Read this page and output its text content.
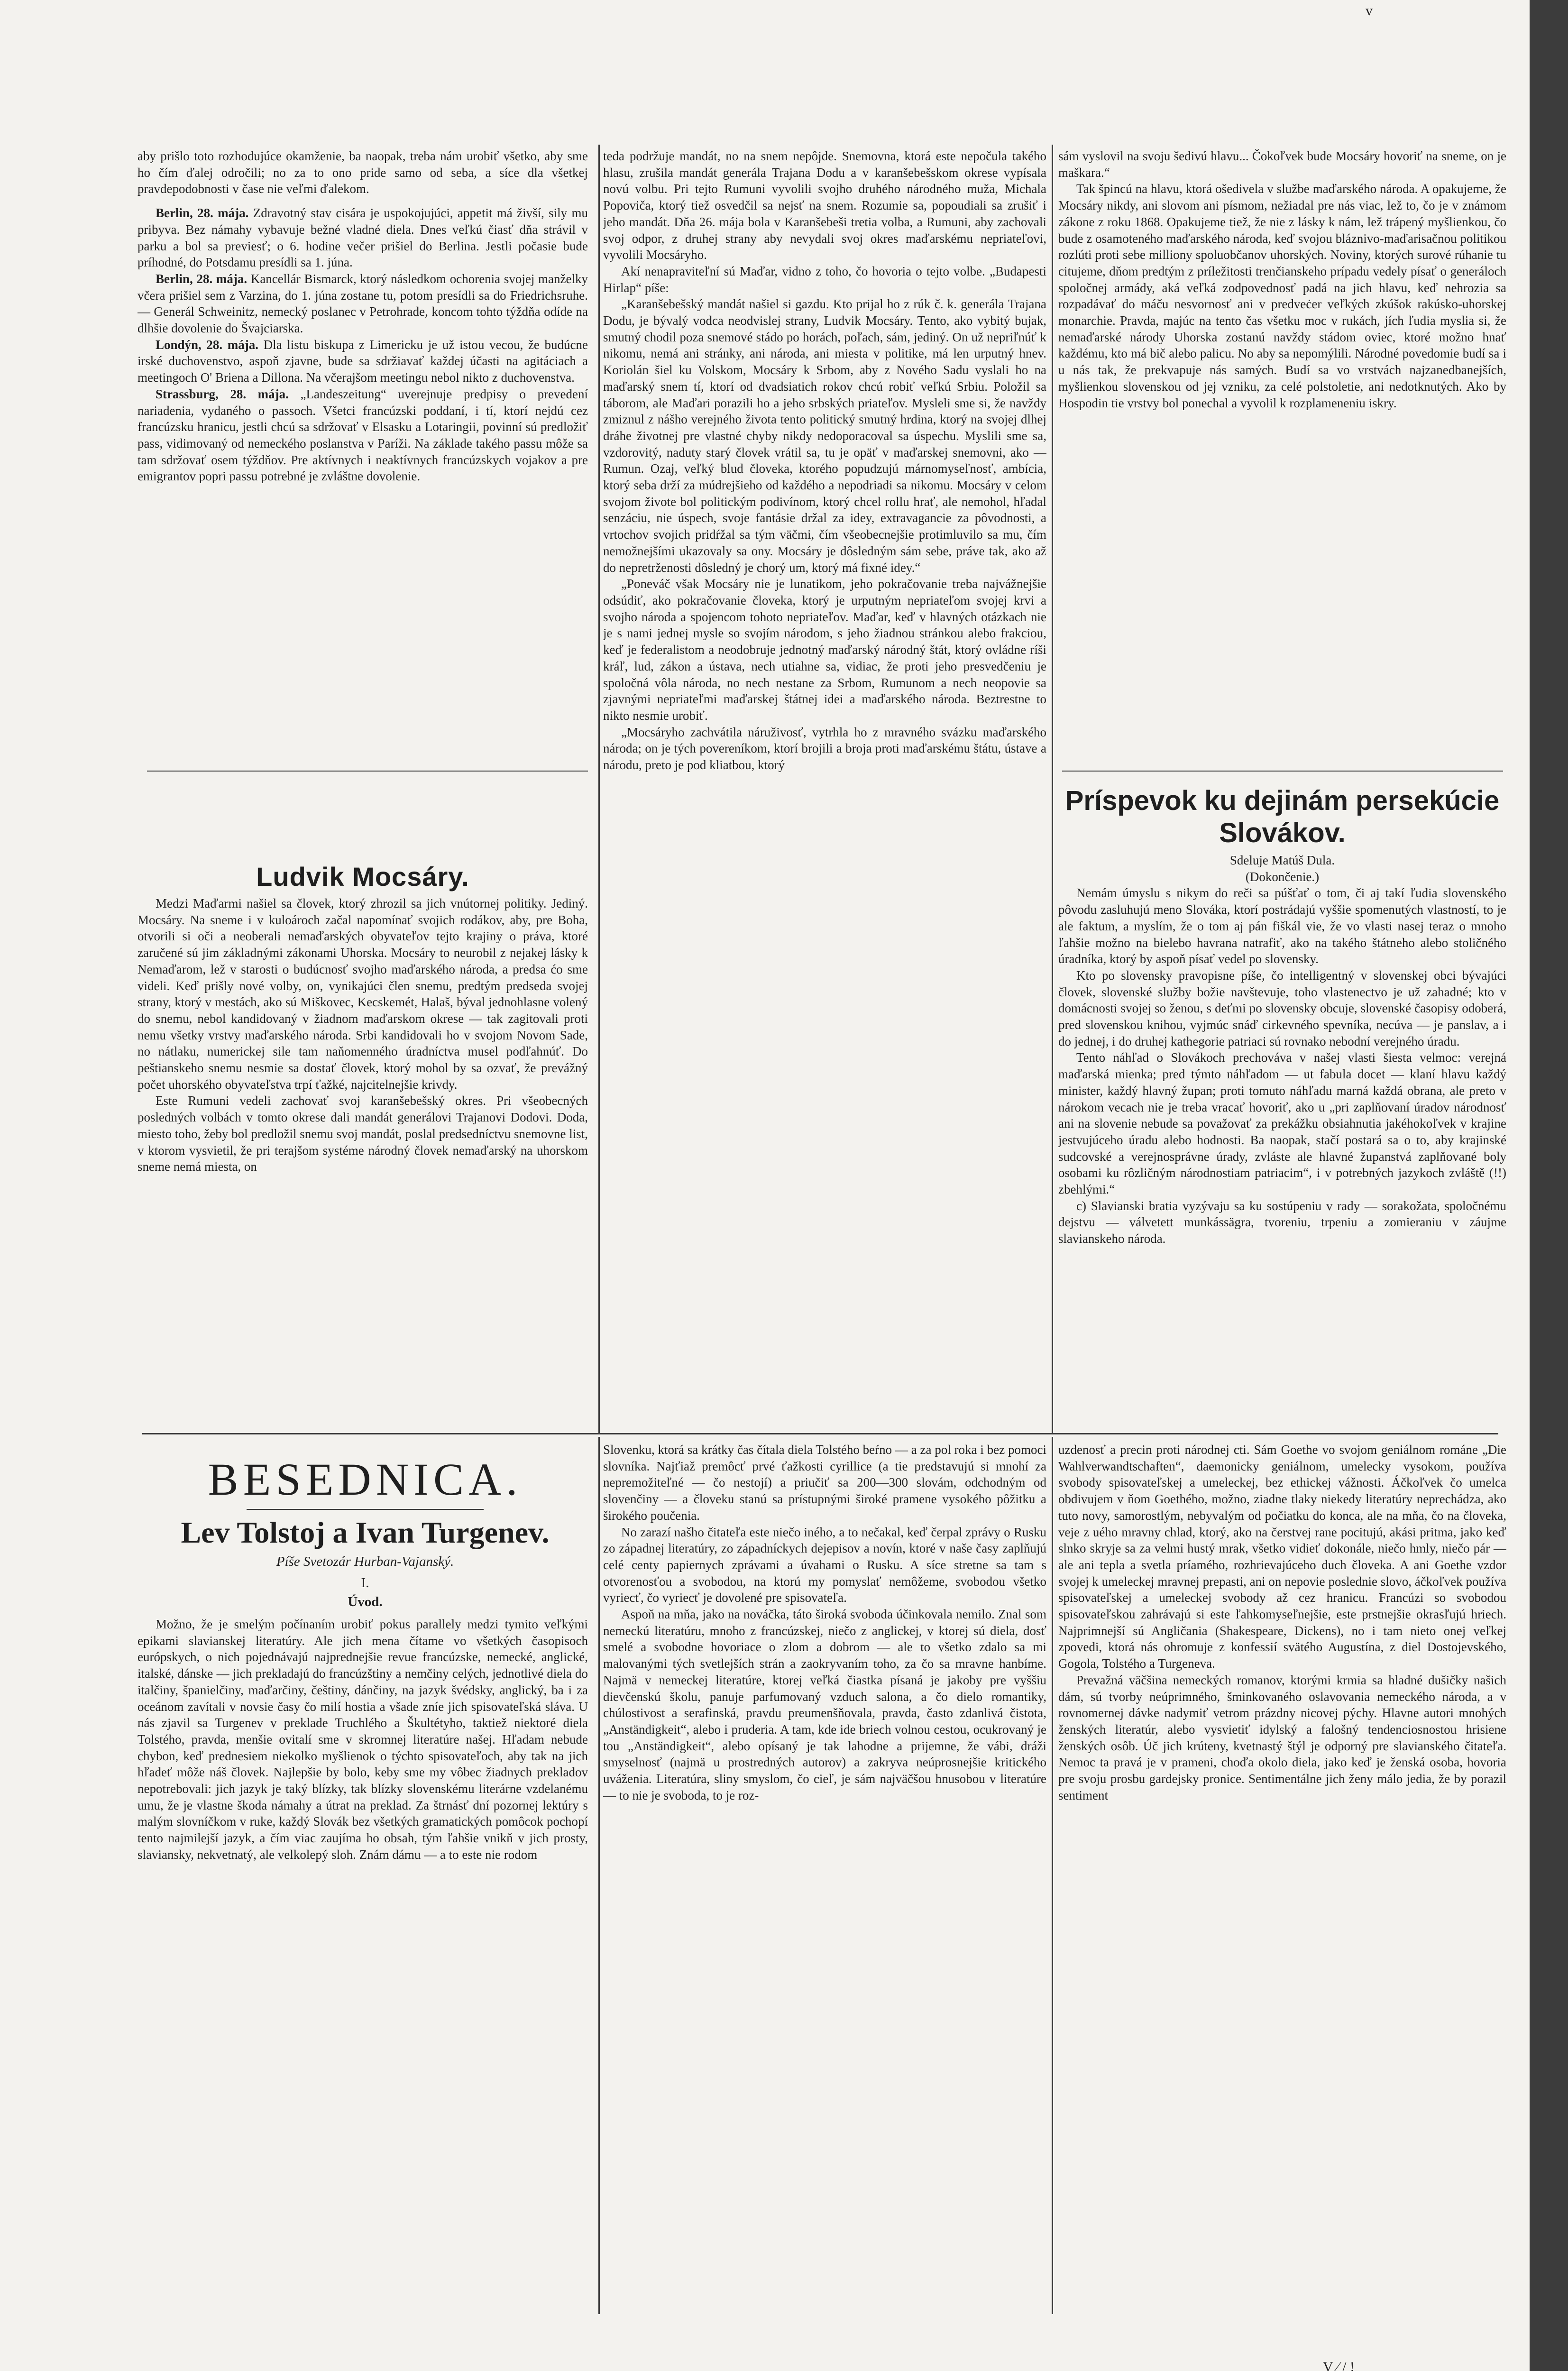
aby prišlo toto rozhodujúce okamženie, ba naopak, treba nám urobiť všetko, aby sme ho čím ďalej odročili; no za to ono pride samo od seba, a síce dla všetkej pravdepodobnosti v čase nie veľmi ďalekom.

Berlin, 28. mája. Zdravotný stav cisára je uspokojujúci, appetit má živší, sily mu pribyva. Bez námahy vybavuje bežné vladné diela. Dnes veľkú čiasť dňa strávil v parku a bol sa previesť; o 6. hodine večer prišiel do Berlina. Jestli počasie bude príhodné, do Potsdamu presídli sa 1. júna.

Berlin, 28. mája. Kancellár Bismarck, ktorý následkom ochorenia svojej manželky včera prišiel sem z Varzina, do 1. júna zostane tu, potom presídli sa do Friedrichsruhe. — Generál Schweinitz, nemecký poslanec v Petrohrade, koncom tohto týždňa odíde na dlhšie dovolenie do Švajciarska.

Londýn, 28. mája. Dla listu biskupa z Limericku je už istou vecou, že budúcne irské duchovenstvo, aspoň zjavne, bude sa sdržiavať každej účasti na agitáciach a meetingoch O' Briena a Dillona. Na včerajšom meetingu nebol nikto z duchovenstva.

Strassburg, 28. mája. „Landeszeitung“ uverejnuje predpisy o prevedení nariadenia, vydaného o passoch. Všetci francúzski poddaní, i tí, ktorí nejdú cez francúzsku hranicu, jestli chcú sa sdržovať v Elsasku a Lotaringii, povinní sú predložiť pass, vidimovaný od nemeckého poslanstva v Paríži. Na základe takého passu môže sa tam sdržovať osem týždňov. Pre aktívnych i neaktívnych francúzskych vojakov a pre emigrantov popri passu potrebné je zvláštne dovolenie.

Ludvik Mocsáry.

Medzi Maďarmi našiel sa človek, ktorý zhrozil sa jich vnútornej politiky. Jediný. Mocsáry. Na sneme i v kuloároch začal napomínať svojich rodákov, aby, pre Boha, otvorili si oči a neoberali nemaďarských obyvateľov tejto krajiny o práva, ktoré zaručené sú jim základnými zákonami Uhorska. Mocsáry to neurobil z nejakej lásky k Nemaďarom, lež v starosti o budúcnosť svojho maďarského národa, a predsa ćo sme videli. Keď prišly nové volby, on, vynikajúci člen snemu, predtým predseda svojej strany, ktorý v mestách, ako sú Miškovec, Kecskemét, Halaš, býval jednohlasne volený do snemu, nebol kandidovaný v žiadnom maďarskom okrese — tak zagitovali proti nemu všetky vrstvy maďarského národa. Srbi kandidovali ho v svojom Novom Sade, no nátlaku, numerickej sile tam naňomenného úradníctva musel podľahnúť. Do peštianskeho snemu nesmie sa dostať človek, ktorý mohol by sa ozvať, že prevážný počet uhorského obyvateľstva trpí ťažké, najcitelnejšie krivdy.

Este Rumuni vedeli zachovať svoj karanšebešský okres. Pri všeobecných posledných volbách v tomto okrese dali mandát generálovi Trajanovi Dodovi. Doda, miesto toho, žeby bol predložil snemu svoj mandát, poslal predsedníctvu snemovne list, v ktorom vysvietil, že pri terajšom systéme národný človek nemaďarský na uhorskom sneme nemá miesta, on

teda podržuje mandát, no na snem nepôjde. Snemovna, ktorá este nepočula takého hlasu, zrušila mandát generála Trajana Dodu a v karanšebešskom okrese vypísala novú volbu. Pri tejto Rumuni vyvolili svojho druhého národného muža, Michala Popoviča, ktorý tiež osvedčil sa nejsť na snem. Rozumie sa, popoudiali sa zrušiť i jeho mandát. Dňa 26. mája bola v Karanšebeši tretia volba, a Rumuni, aby zachovali svoj odpor, z druhej strany aby nevydali svoj okres maďarskému nepriateľovi, vyvolili Mocsáryho.

Akí nenapraviteľní sú Maďar, vidno z toho, čo hovoria o tejto volbe. „Budapesti Hirlap“ píše:

„Karanšebešský mandát našiel si gazdu. Kto prijal ho z rúk č. k. generála Trajana Dodu, je bývalý vodca neodvislej strany, Ludvik Mocsáry. Tento, ako vybitý bujak, smutný chodil poza snemové stádo po horách, poľach, sám, jediný. On už nepriľnúť k nikomu, nemá ani stránky, ani národa, ani miesta v politike, má len urputný hnev. Koriolán šiel ku Volskom, Mocsáry k Srbom, aby z Nového Sadu vyslali ho na maďarský snem tí, ktorí od dvadsiatich rokov chcú robiť veľkú Srbiu. Položil sa táborom, ale Maďari porazili ho a jeho srbských priateľov. Mysleli sme si, že navždy zmiznul z nášho verejného života tento politický smutný hrdina, ktorý na svojej dlhej dráhe životnej pre vlastné chyby nikdy nedoporacoval sa úspechu. Myslili sme sa, vzdorovitý, naduty starý človek vrátil sa, tu je opäť v maďarskej snemovni, ako — Rumun. Ozaj, veľký blud človeka, ktorého popudzujú márnomyseľnosť, ambícia, ktorý seba drží za múdrejšieho od každého a nepodriadi sa nikomu. Mocsáry v celom svojom živote bol politickým podivínom, ktorý chcel rollu hrať, ale nemohol, hľadal senzáciu, nie úspech, svoje fantásie držal za idey, extravagancie za pôvodnosti, a vrtochov svojich pridŕžal sa tým väčmi, čím všeobecnejšie protimluvilo sa mu, čím nemožnejšími ukazovaly sa ony. Mocsáry je dôsledným sám sebe, práve tak, ako až do nepretrženosti dôsledný je chorý um, ktorý má fixné idey.“

„Poneváč však Mocsáry nie je lunatikom, jeho pokračovanie treba najvážnejšie odsúdiť, ako pokračovanie človeka, ktorý je urputným nepriateľom svojej krvi a svojho národa a spojencom tohoto nepriateľov. Maďar, keď v hlavných otázkach nie je s nami jednej mysle so svojím národom, s jeho žiadnou stránkou alebo frakciou, keď je federalistom a neodobruje jednotný maďarský národný štát, ktorý ovládne ríši kráľ, lud, zákon a ústava, nech utiahne sa, vidiac, že proti jeho presvedčeniu je spoločná vôla národa, no nech nestane za Srbom, Rumunom a nech neopovie sa zjavnými nepriateľmi maďarskej štátnej idei a maďarského národa. Beztrestne to nikto nesmie urobiť.

„Mocsáryho zachvátila náruživosť, vytrhla ho z mravného svázku maďarského národa; on je tých povereníkom, ktorí brojili a broja proti maďarskému štátu, ústave a národu, preto je pod kliatbou, ktorý

sám vyslovil na svoju šedivú hlavu... Čokoľvek bude Mocsáry hovoriť na sneme, on je maškara.“

Tak špincú na hlavu, ktorá ošedivela v službe maďarského národa. A opakujeme, že Mocsáry nikdy, ani slovom ani písmom, nežiadal pre nás viac, lež to, čo je v známom zákone z roku 1868. Opakujeme tiež, že nie z lásky k nám, lež trápený myšlienkou, čo bude z osamoteného maďarského národa, keď svojou bláznivo-maďarisačnou politikou rozlúti proti sebe milliony spoluobčanov uhorských. Noviny, ktorých surové rúhanie tu citujeme, dňom predtým z príležitosti trenčianskeho prípadu vedely písať o generáloch spoločnej armády, aká veľká zodpovednosť padá na jich hlavu, keď nehrozia sa rozpadávať do máču nesvornosť ani v predveċer veľkých zkúšok rakúsko-uhorskej monarchie. Pravda, majúc na tento čas všetku moc v rukách, jích ľudia myslia si, že nemaďarské národy Uhorska zostanú navždy stádom oviec, ktoré možno hnať každému, kto má bič alebo palicu. No aby sa nepomýlili. Národné povedomie budí sa i u nás tak, že prekvapuje nás samých. Budí sa vo vrstvách najzanedbanejších, myšlienkou slovenskou od jej vzniku, za celé polstoletie, ani nedotknutých. Ako by Hospodin tie vrstvy bol ponechal a vyvolil k rozplameneniu iskry.

Príspevok ku dejinám persekúcie Slovákov.

Sdeluje Matúš Dula.

(Dokončenie.)

Nemám úmyslu s nikym do reči sa púšťať o tom, či aj takí ľudia slovenského pôvodu zasluhujú meno Slováka, ktorí postrádajú vyššie spomenutých vlastností, to je ale faktum, a myslím, že o tom aj pán fiškál vie, že vo vlasti nasej teraz o mnoho ľahšie možno na bielebo havrana natrafiť, ako na takého štátneho alebo stoličného úradníka, ktorý by aspoň písať vedel po slovensky.

Kto po slovensky pravopisne píše, čo intelligentný v slovenskej obci bývajúci človek, slovenské služby božie navštevuje, toho vlastenectvo je už zahadné; kto v domácnosti svojej so ženou, s deťmi po slovensky obcuje, slovenské časopisy odoberá, pred slovenskou knihou, vyjmúc snáď cirkevného spevníka, necúva — je panslav, a i do jednej, i do druhej kathegorie patriaci sú rovnako nebodní verejného úradu.

Tento náhľad o Slovákoch prechováva v našej vlasti šiesta velmoc: verejná maďarská mienka; pred týmto náhľadom — ut fabula docet — klaní hlavu každý minister, každý hlavný župan; proti tomuto náhľadu marná každá obrana, ale preto v nárokom vecach nie je treba vracať hovoriť, ako u „pri zaplňovaní úradov národnosť ani na slovenie nebude sa považovať za prekážku obsiahnutia jakéhokoľvek v krajine jestvujúceho úradu alebo hodnosti. Ba naopak, stačí postará sa o to, aby krajinské sudcovské a verejnosprávne úrady, zvláste ale hlavné županstvá zaplňované boly osobami ku rôzličným národnostiam patriacim“, i v potrebných jazykoch zvláště (!!) zbehlými.“

c) Slavianski bratia vyzývaju sa ku sostúpeniu v rady — sorakožata, spoločnému dejstvu — válvetett munkássägra, tvoreniu, trpeniu a zomieraniu v záujme slavianskeho národa.

BESEDNICA.
Lev Tolstoj a Ivan Turgenev.
Píše Svetozár Hurban-Vajanský.
I.
Úvod.

Možno, že je smelým počínaním urobiť pokus parallely medzi tymito veľkými epikami slavianskej literatúry. Ale jich mena čítame vo všetkých časopisoch európskych, o nich pojednávajú najprednejšie revue francúzske, nemecké, anglické, italské, dánske — jich prekladajú do francúzštiny a nemčiny celých, jednotlivé diela do italčiny, španielčiny, maďarčiny, češtiny, dánčiny, na jazyk švédsky, anglický, ba i za oceánom zavítali v novsie časy čo milí hostia a všade zníe jich spisovateľská sláva. U nás zjavil sa Turgenev v preklade Truchlého a Škultétyho, taktiež niektoré diela Tolstého, pravda, menšie ovitalí sme v skromnej literatúre našej. Hľadam nebude chybon, keď prednesiem niekolko myšlienok o týchto spisovateľoch, aby tak na jich hľadeť môže náš človek. Najlepšie by bolo, keby sme my vôbec žiadnych prekladov nepotrebovali: jich jazyk je taký blízky, tak blízky slovenskému literárne vzdelanému umu, že je vlastne škoda námahy a útrat na preklad. Za štrnásť dní pozornej lektúry s malým slovníčkom v ruke, každý Slovák bez všetkých gramatických pomôcok pochopí tento najmilejší jazyk, a čím viac zaujíma ho obsah, tým ľahšie vnikň v jich prosty, slaviansky, nekvetnatý, ale velkolepý sloh. Znám dámu — a to este nie rodom

Slovenku, ktorá sa krátky čas čítala diela Tolstého beŕno — a za pol roka i bez pomoci slovníka. Najťiaž premôcť prvé ťažkosti cyrillice (a tie predstavujú si mnohí za nepremožiteľné — čo nestojí) a priučiť sa 200—300 slovám, odchodným od slovenčiny — a človeku stanú sa prístupnými široké pramene vysokého pôžitku a širokého poučenia.

No zarazí našho čitateľa este niečo iného, a to nečakal, keď čerpal zprávy o Rusku zo západnej literatúry, zo západníckych dejepisov a novín, ktoré v naše časy zaplňujú celé centy papiernych zprávami a úvahami o Rusku. A síce stretne sa tam s otvorenosťou a svobodou, na ktorú my pomyslať nemôžeme, svobodou všetko vyriecť, čo vyriecť je dovolené pre spisovateľa.

Aspoň na mňa, jako na nováčka, táto široká svoboda účinkovala nemilo. Znal som nemeckú literatúru, mnoho z francúzskej, niečo z anglickej, v ktorej sú diela, dosť smelé a svobodne hovoriace o zlom a dobrom — ale to všetko zdalo sa mi malovanými tých svetlejších strán a zaokryvaním toho, za čo sa mravne hanbíme. Najmä v nemeckej literatúre, ktorej veľká čiastka písaná je jakoby pre vyššiu dievčenskú školu, panuje parfumovaný vzduch salona, a čo dielo romantiky, chúlostivost a serafinská, pravdu preumenšňovala, pravda, často zdanlivá čistota, „Anständigkeit“, alebo i pruderia. A tam, kde ide briech volnou cestou, ocukrovaný je tou „Anständigkeit“, alebo opísaný je tak lahodne a prijemne, že vábi, dráži smyselnosť (najmä u prostredných autorov) a zakryva neúprosnejšie kritického uváženia. Literatúra, sliny smyslom, čo cieľ, je sám najväčšou hnusobou v literatúre — to nie je svoboda, to je roz-

uzdenosť a precin proti národnej cti. Sám Goethe vo svojom geniálnom románe „Die Wahlverwandtschaften“, daemonicky geniálnom, umelecky vysokom, používa svobody spisovateľskej a umeleckej, bez ethickej vážnosti. Áčkoľvek čo umelca obdivujem v ňom Goethého, možno, ziadne tlaky niekedy literatúry neprechádza, ako tuto novy, samorostlým, nebyvalým od počiatku do konca, ale na mňa, čo na človeka, veje z uého mravny chlad, ktorý, ako na čerstvej rane pocitujú, akási pritma, jako keď slnko skryje sa za velmi hustý mrak, všetko vidieť dokonále, niečo hmly, niečo pár — ale ani tepla a svetla príamého, rozhrievajúceho duch človeka. A ani Goethe vzdor svojej k umeleckej mravnej prepasti, ani on nepovie poslednie slovo, áčkoľvek používa spisovateľskej a umeleckej svobody až cez hranicu. Francúzi so svobodou spisovateľskou zahrávajú si este ľahkomyseľnejšie, este prstnejšie okrasľujú hriech. Najprimnejší sú Angličania (Shakespeare, Dickens), no i tam nieto onej veľkej zpovedi, ktorá nás ohromuje z konfessií svätého Augustína, z diel Dostojevského, Gogola, Tolstého a Turgeneva.

Prevažná väčšina nemeckých romanov, ktorými krmia sa hladné dušičky našich dám, sú tvorby neúprimného, šminkovaného oslavovania nemeckého národa, a v rovnomernej dávke nadymiť vetrom prázdny nicovej pýchy. Hlavne autori mnohých ženských literatúr, alebo vysvietiť idylský a falošný tendenciosnostou hrisiene ženských osôb. Úč jich krúteny, kvetnastý štýl je odporný pre slavianského čitateľa. Nemoc ta pravá je v prameni, choďa okolo diela, jako keď je ženská osoba, hovoria pre svoju prosbu gardejsky pronice. Sentimentálne jich ženy málo jedia, že by porazil sentiment

v
V ⁄ / !
